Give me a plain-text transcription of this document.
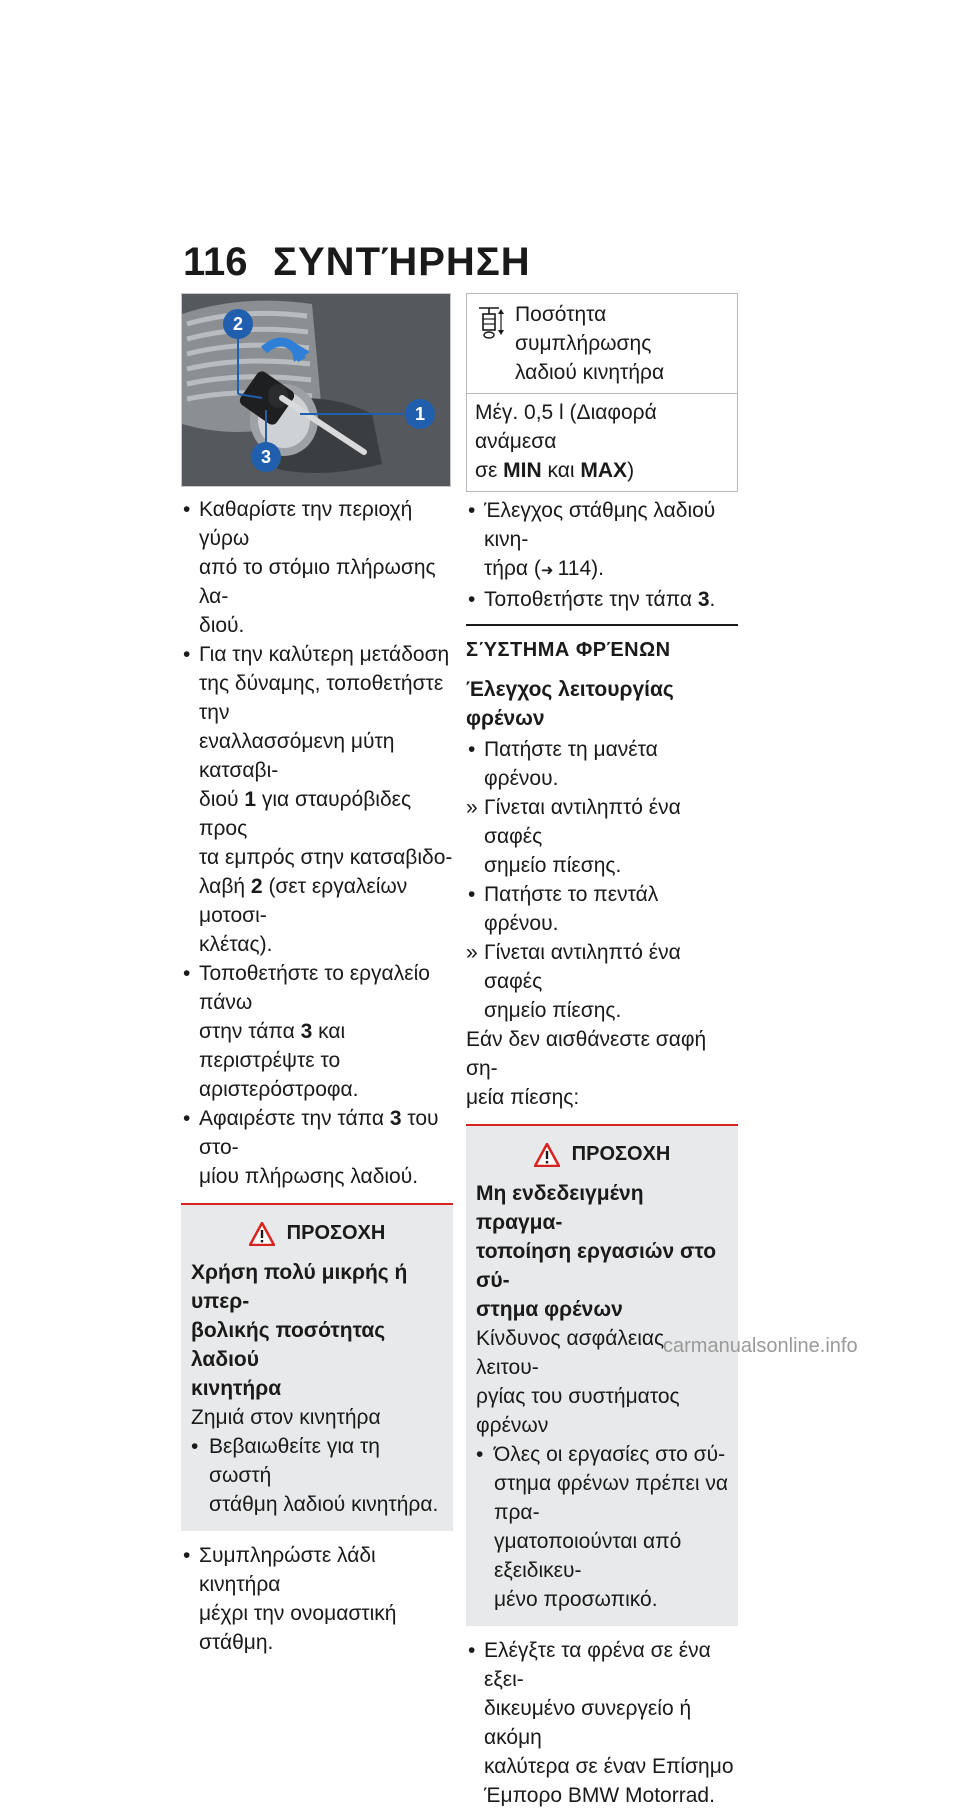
116 ΣΥΝΤΉΡΗΣΗ
2
3
1

• Καθαρίστε την περιοχή γύρω
από το στόμιο πλήρωσης λα-
διού.

• Για την καλύτερη μετάδοση
της δύναμης, τοποθετήστε την
εναλλασσόμενη μύτη κατσαβι-
διού 1 για σταυρόβιδες προς
τα εμπρός στην κατσαβιδο-
λαβή 2 (σετ εργαλείων μοτοσι-
κλέτας).

• Τοποθετήστε το εργαλείο πάνω
στην τάπα 3 και περιστρέψτε το
αριστερόστροφα.

• Αφαιρέστε την τάπα 3 του στο-
μίου πλήρωσης λαδιού.

ΠΡΟΣΟΧΗ

Χρήση πολύ μικρής ή υπερ-
βολικής ποσότητας λαδιού
κινητήρα

Ζημιά στον κινητήρα

• Βεβαιωθείτε για τη σωστή
στάθμη λαδιού κινητήρα.

• Συμπληρώστε λάδι κινητήρα
μέχρι την ονομαστική στάθμη.

Ποσότητα συμπλήρωσης
λαδιού κινητήρα
Μέγ. 0,5 l (Διαφορά ανάμεσα
σε MIN και MAX)

• Έλεγχος στάθμης λαδιού κινη-
τήρα (➜ 114).

• Τοποθετήστε την τάπα 3.

ΣΎΣΤΗΜΑ ΦΡΈΝΩΝ

Έλεγχος λειτουργίας
φρένων

• Πατήστε τη μανέτα φρένου.

» Γίνεται αντιληπτό ένα σαφές
σημείο πίεσης.

• Πατήστε το πεντάλ φρένου.

» Γίνεται αντιληπτό ένα σαφές
σημείο πίεσης.

Εάν δεν αισθάνεστε σαφή ση-
μεία πίεσης:

ΠΡΟΣΟΧΗ

Μη ενδεδειγμένη πραγμα-
τοποίηση εργασιών στο σύ-
στημα φρένων

Κίνδυνος ασφάλειας λειτου-
ργίας του συστήματος φρένων

• Όλες οι εργασίες στο σύ-
στημα φρένων πρέπει να πρα-
γματοποιούνται από εξειδικευ-
μένο προσωπικό.

• Ελέγξτε τα φρένα σε ένα εξει-
δικευμένο συνεργείο ή ακόμη
καλύτερα σε έναν Επίσημο
Έμπορο BMW Motorrad.

carmanualsonline.info
